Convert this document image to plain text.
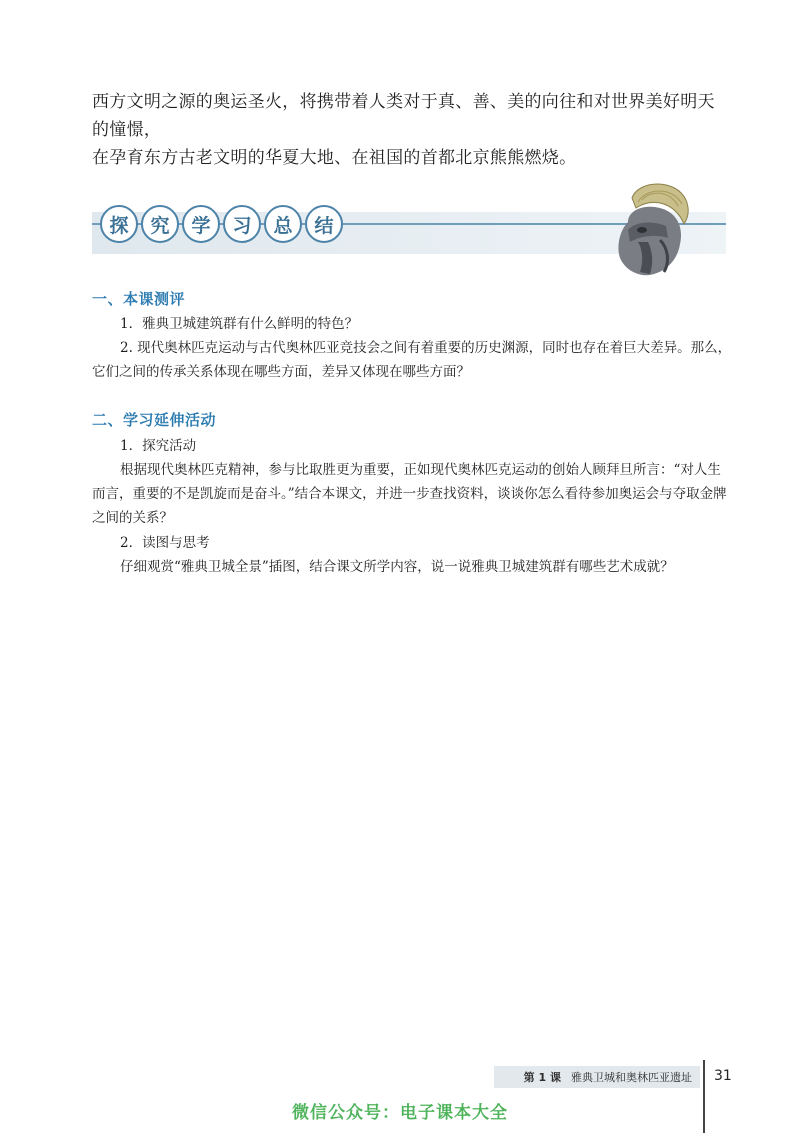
西方文明之源的奥运圣火，将携带着人类对于真、善、美的向往和对世界美好明天的憧憬，

在孕育东方古老文明的华夏大地、在祖国的首都北京熊熊燃烧。

探	究	学	习	总	结
一、本课测评

1．雅典卫城建筑群有什么鲜明的特色？

2. 现代奥林匹克运动与古代奥林匹亚竞技会之间有着重要的历史渊源，同时也存在着巨大差异。那么，它们之间的传承关系体现在哪些方面，差异又体现在哪些方面？

二、学习延伸活动

1．探究活动

根据现代奥林匹克精神，参与比取胜更为重要，正如现代奥林匹克运动的创始人顾拜旦所言：“对人生而言，重要的不是凯旋而是奋斗。”结合本课文，并进一步查找资料，谈谈你怎么看待参加奥运会与夺取金牌之间的关系？

2．读图与思考

仔细观赏“雅典卫城全景”插图，结合课文所学内容，说一说雅典卫城建筑群有哪些艺术成就？

第 1 课 雅典卫城和奥林匹亚遗址 31
微信公众号：电子课本大全
